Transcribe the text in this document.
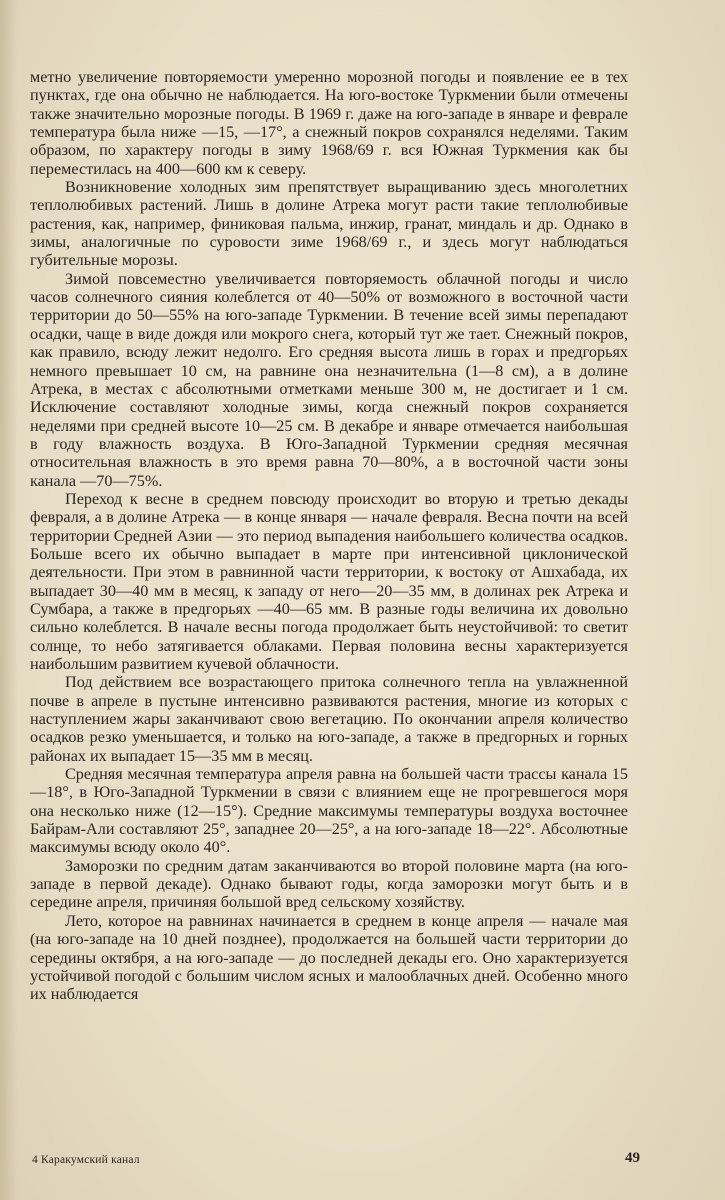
метно увеличение повторяемости умеренно морозной погоды и появление ее в тех пунктах, где она обычно не наблюдается. На юго-востоке Туркмении были отмечены также значительно морозные погоды. В 1969 г. даже на юго-западе в январе и феврале температура была ниже —15, —17°, а снежный покров сохранялся неделями. Таким образом, по характеру погоды в зиму 1968/69 г. вся Южная Туркмения как бы переместилась на 400—600 км к северу.

Возникновение холодных зим препятствует выращиванию здесь многолетних теплолюбивых растений. Лишь в долине Атрека могут расти такие теплолюбивые растения, как, например, финиковая пальма, инжир, гранат, миндаль и др. Однако в зимы, аналогичные по суровости зиме 1968/69 г., и здесь могут наблюдаться губительные морозы.

Зимой повсеместно увеличивается повторяемость облачной погоды и число часов солнечного сияния колеблется от 40—50% от возможного в восточной части территории до 50—55% на юго-западе Туркмении. В течение всей зимы перепадают осадки, чаще в виде дождя или мокрого снега, который тут же тает. Снежный покров, как правило, всюду лежит недолго. Его средняя высота лишь в горах и предгорьях немного превышает 10 см, на равнине она незначительна (1—8 см), а в долине Атрека, в местах с абсолютными отметками меньше 300 м, не достигает и 1 см. Исключение составляют холодные зимы, когда снежный покров сохраняется неделями при средней высоте 10—25 см. В декабре и январе отмечается наибольшая в году влажность воздуха. В Юго-Западной Туркмении средняя месячная относительная влажность в это время равна 70—80%, а в восточной части зоны канала —70—75%.

Переход к весне в среднем повсюду происходит во вторую и третью декады февраля, а в долине Атрека — в конце января — начале февраля. Весна почти на всей территории Средней Азии — это период выпадения наибольшего количества осадков. Больше всего их обычно выпадает в марте при интенсивной циклонической деятельности. При этом в равнинной части территории, к востоку от Ашхабада, их выпадает 30—40 мм в месяц, к западу от него—20—35 мм, в долинах рек Атрека и Сумбара, а также в предгорьях —40—65 мм. В разные годы величина их довольно сильно колеблется. В начале весны погода продолжает быть неустойчивой: то светит солнце, то небо затягивается облаками. Первая половина весны характеризуется наибольшим развитием кучевой облачности.

Под действием все возрастающего притока солнечного тепла на увлажненной почве в апреле в пустыне интенсивно развиваются растения, многие из которых с наступлением жары заканчивают свою вегетацию. По окончании апреля количество осадков резко уменьшается, и только на юго-западе, а также в предгорных и горных районах их выпадает 15—35 мм в месяц.

Средняя месячная температура апреля равна на большей части трассы канала 15—18°, в Юго-Западной Туркмении в связи с влиянием еще не прогревшегося моря она несколько ниже (12—15°). Средние максимумы температуры воздуха восточнее Байрам-Али составляют 25°, западнее 20—25°, а на юго-западе 18—22°. Абсолютные максимумы всюду около 40°.

Заморозки по средним датам заканчиваются во второй половине марта (на юго-западе в первой декаде). Однако бывают годы, когда заморозки могут быть и в середине апреля, причиняя большой вред сельскому хозяйству.

Лето, которое на равнинах начинается в среднем в конце апреля — начале мая (на юго-западе на 10 дней позднее), продолжается на большей части территории до середины октября, а на юго-западе — до последней декады его. Оно характеризуется устойчивой погодой с большим числом ясных и малооблачных дней. Особенно много их наблюдается

4 Каракумский канал	49
